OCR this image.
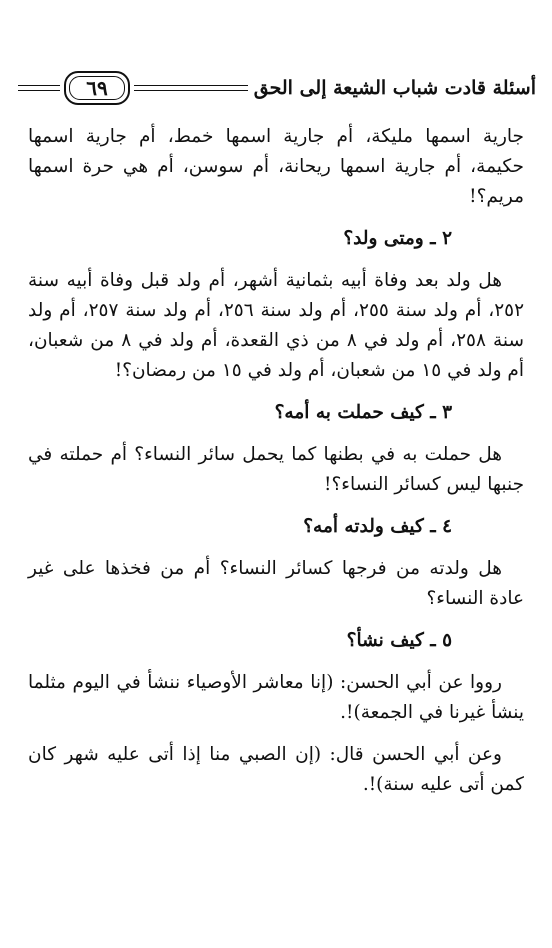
أسئلة قادت شباب الشيعة إلى الحق
٦٩

جارية اسمها مليكة، أم جارية اسمها خمط، أم جارية اسمها حكيمة، أم جارية اسمها ريحانة، أم سوسن، أم هي حرة اسمها مريم؟!

٢ ـ ومتى ولد؟

هل ولد بعد وفاة أبيه بثمانية أشهر، أم ولد قبل وفاة أبيه سنة ٢٥٢، أم ولد سنة ٢٥٥، أم ولد سنة ٢٥٦، أم ولد سنة ٢٥٧، أم ولد سنة ٢٥٨، أم ولد في ٨ من ذي القعدة، أم ولد في ٨ من شعبان، أم ولد في ١٥ من شعبان، أم ولد في ١٥ من رمضان؟!

٣ ـ كيف حملت به أمه؟

هل حملت به في بطنها كما يحمل سائر النساء؟ أم حملته في جنبها ليس كسائر النساء؟!

٤ ـ كيف ولدته أمه؟

هل ولدته من فرجها كسائر النساء؟ أم من فخذها على غير عادة النساء؟

٥ ـ كيف نشأ؟

رووا عن أبي الحسن: (إنا معاشر الأوصياء ننشأ في اليوم مثلما ينشأ غيرنا في الجمعة)!.

وعن أبي الحسن قال: (إن الصبي منا إذا أتى عليه شهر كان كمن أتى عليه سنة)!.
